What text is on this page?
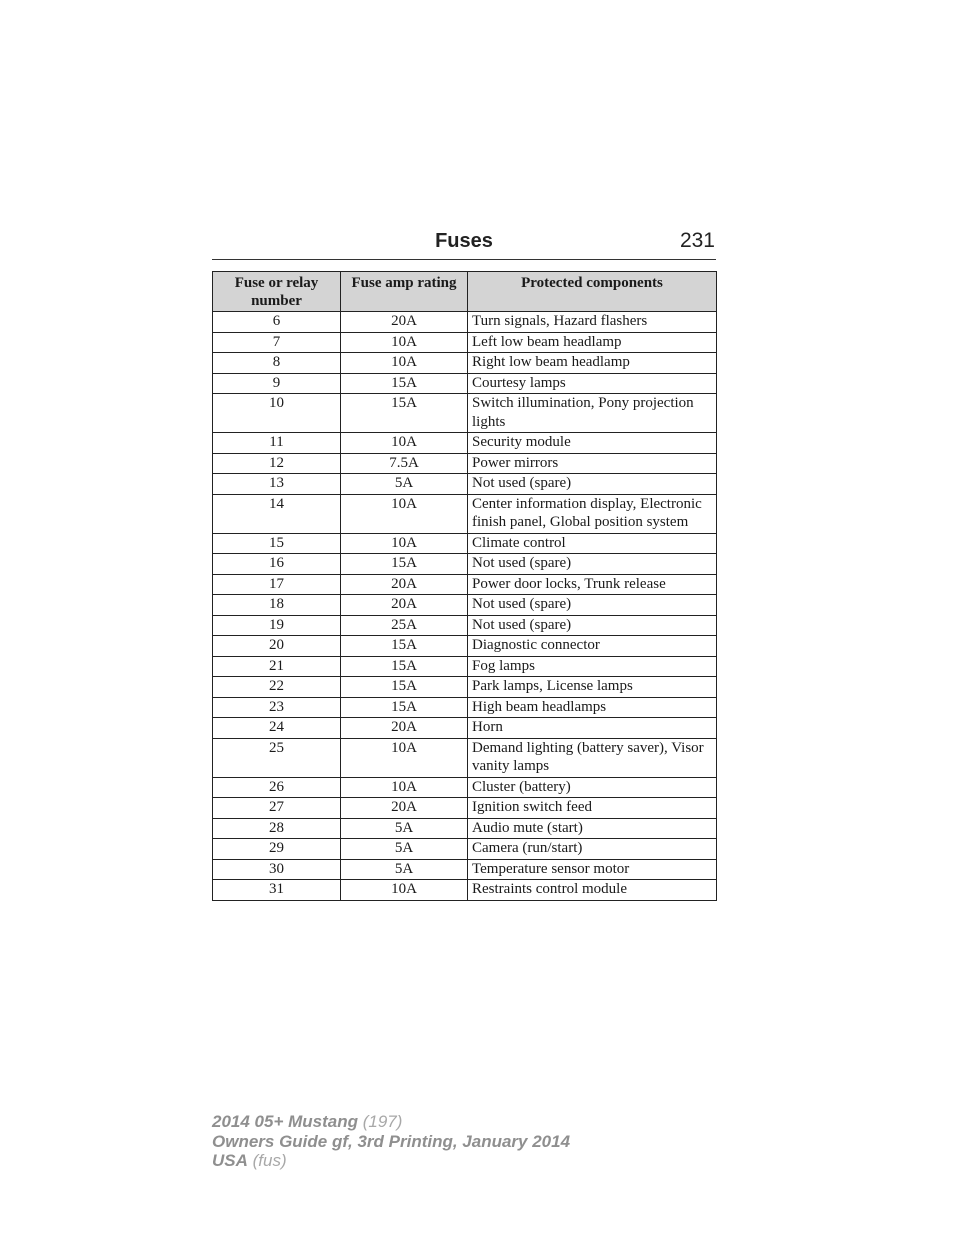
Fuses	231
Fuse or relay number	Fuse amp rating	Protected components
6	20A	Turn signals, Hazard flashers
7	10A	Left low beam headlamp
8	10A	Right low beam headlamp
9	15A	Courtesy lamps
10	15A	Switch illumination, Pony projection lights
11	10A	Security module
12	7.5A	Power mirrors
13	5A	Not used (spare)
14	10A	Center information display, Electronic finish panel, Global position system
15	10A	Climate control
16	15A	Not used (spare)
17	20A	Power door locks, Trunk release
18	20A	Not used (spare)
19	25A	Not used (spare)
20	15A	Diagnostic connector
21	15A	Fog lamps
22	15A	Park lamps, License lamps
23	15A	High beam headlamps
24	20A	Horn
25	10A	Demand lighting (battery saver), Visor vanity lamps
26	10A	Cluster (battery)
27	20A	Ignition switch feed
28	5A	Audio mute (start)
29	5A	Camera (run/start)
30	5A	Temperature sensor motor
31	10A	Restraints control module
2014 05+ Mustang (197)
Owners Guide gf, 3rd Printing, January 2014
USA (fus)
